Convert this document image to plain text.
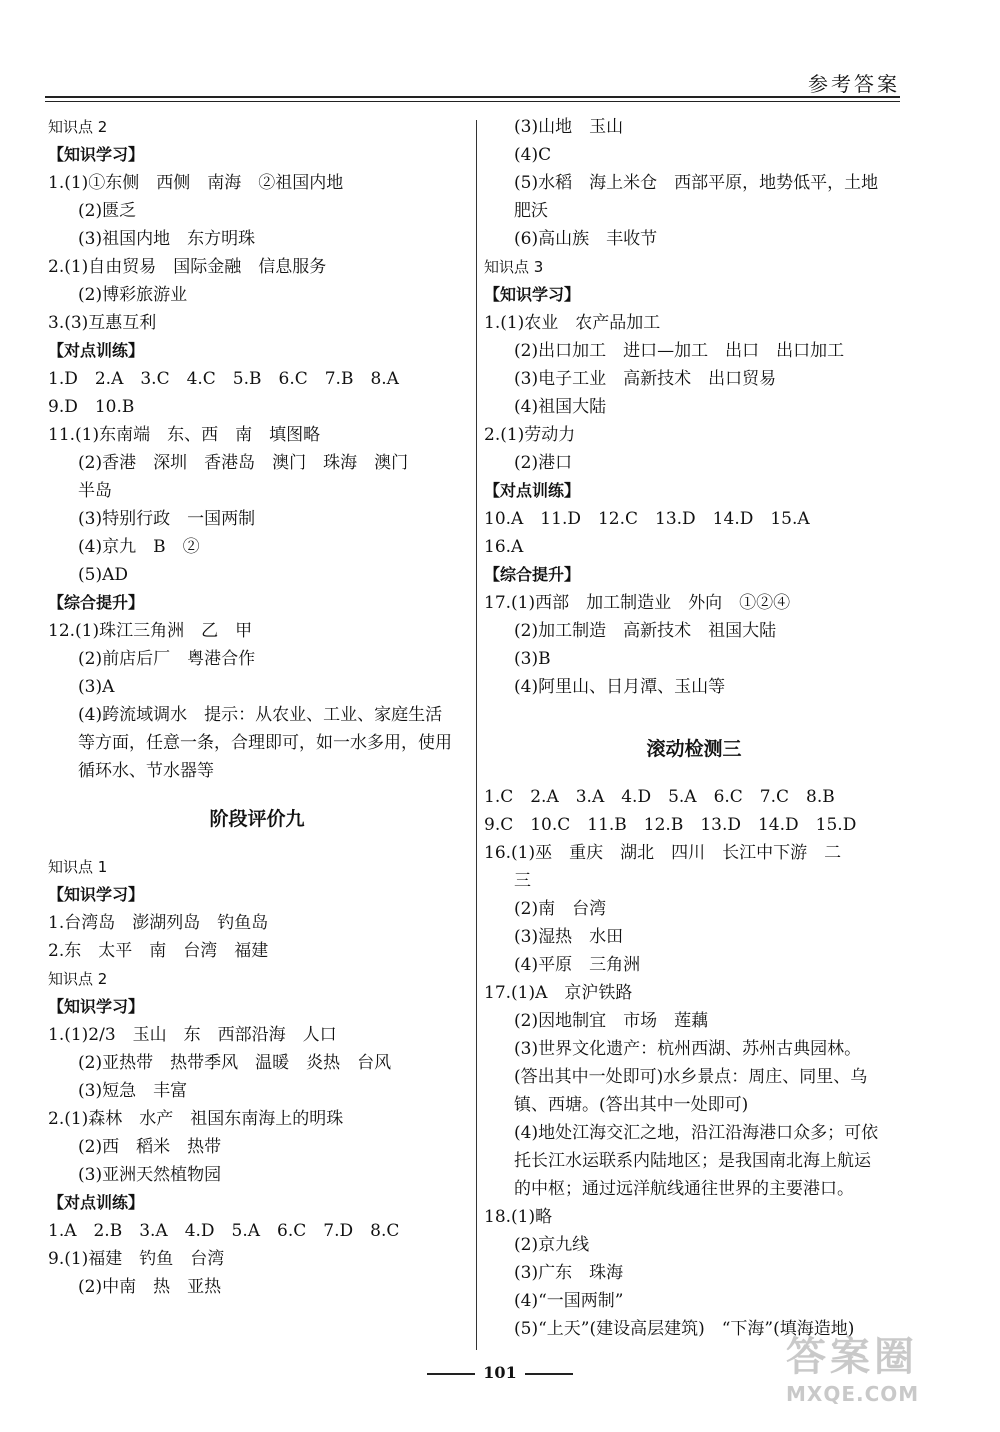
参考答案
知识点 2
【知识学习】
1.(1)①东侧　西侧　南海　②祖国内地
(2)匮乏
(3)祖国内地　东方明珠
2.(1)自由贸易　国际金融　信息服务
(2)博彩旅游业
3.(3)互惠互利
【对点训练】
1.D　2.A　3.C　4.C　5.B　6.C　7.B　8.A
9.D　10.B
11.(1)东南端　东、西　南　填图略
(2)香港　深圳　香港岛　澳门　珠海　澳门
半岛
(3)特别行政　一国两制
(4)京九　B　②
(5)AD
【综合提升】
12.(1)珠江三角洲　乙　甲
(2)前店后厂　粤港合作
(3)A
(4)跨流域调水　提示：从农业、工业、家庭生活
等方面，任意一条，合理即可，如一水多用，使用
循环水、节水器等
阶段评价九
知识点 1
【知识学习】
1.台湾岛　澎湖列岛　钓鱼岛
2.东　太平　南　台湾　福建
知识点 2
【知识学习】
1.(1)2/3　玉山　东　西部沿海　人口
(2)亚热带　热带季风　温暖　炎热　台风
(3)短急　丰富
2.(1)森林　水产　祖国东南海上的明珠
(2)西　稻米　热带
(3)亚洲天然植物园
【对点训练】
1.A　2.B　3.A　4.D　5.A　6.C　7.D　8.C
9.(1)福建　钓鱼　台湾
(2)中南　热　亚热
(3)山地　玉山
(4)C
(5)水稻　海上米仓　西部平原，地势低平，土地
肥沃
(6)高山族　丰收节
知识点 3
【知识学习】
1.(1)农业　农产品加工
(2)出口加工　进口—加工　出口　出口加工
(3)电子工业　高新技术　出口贸易
(4)祖国大陆
2.(1)劳动力
(2)港口
【对点训练】
10.A　11.D　12.C　13.D　14.D　15.A
16.A
【综合提升】
17.(1)西部　加工制造业　外向　①②④
(2)加工制造　高新技术　祖国大陆
(3)B
(4)阿里山、日月潭、玉山等
滚动检测三
1.C　2.A　3.A　4.D　5.A　6.C　7.C　8.B
9.C　10.C　11.B　12.B　13.D　14.D　15.D
16.(1)巫　重庆　湖北　四川　长江中下游　二
三
(2)南　台湾
(3)湿热　水田
(4)平原　三角洲
17.(1)A　京沪铁路
(2)因地制宜　市场　莲藕
(3)世界文化遗产：杭州西湖、苏州古典园林。
(答出其中一处即可)水乡景点：周庄、同里、乌
镇、西塘。(答出其中一处即可)
(4)地处江海交汇之地，沿江沿海港口众多；可依
托长江水运联系内陆地区；是我国南北海上航运
的中枢；通过远洋航线通往世界的主要港口。
18.(1)略
(2)京九线
(3)广东　珠海
(4)“一国两制”
(5)“上天”(建设高层建筑)　“下海”(填海造地)
101	答案圈
MXQE.COM
